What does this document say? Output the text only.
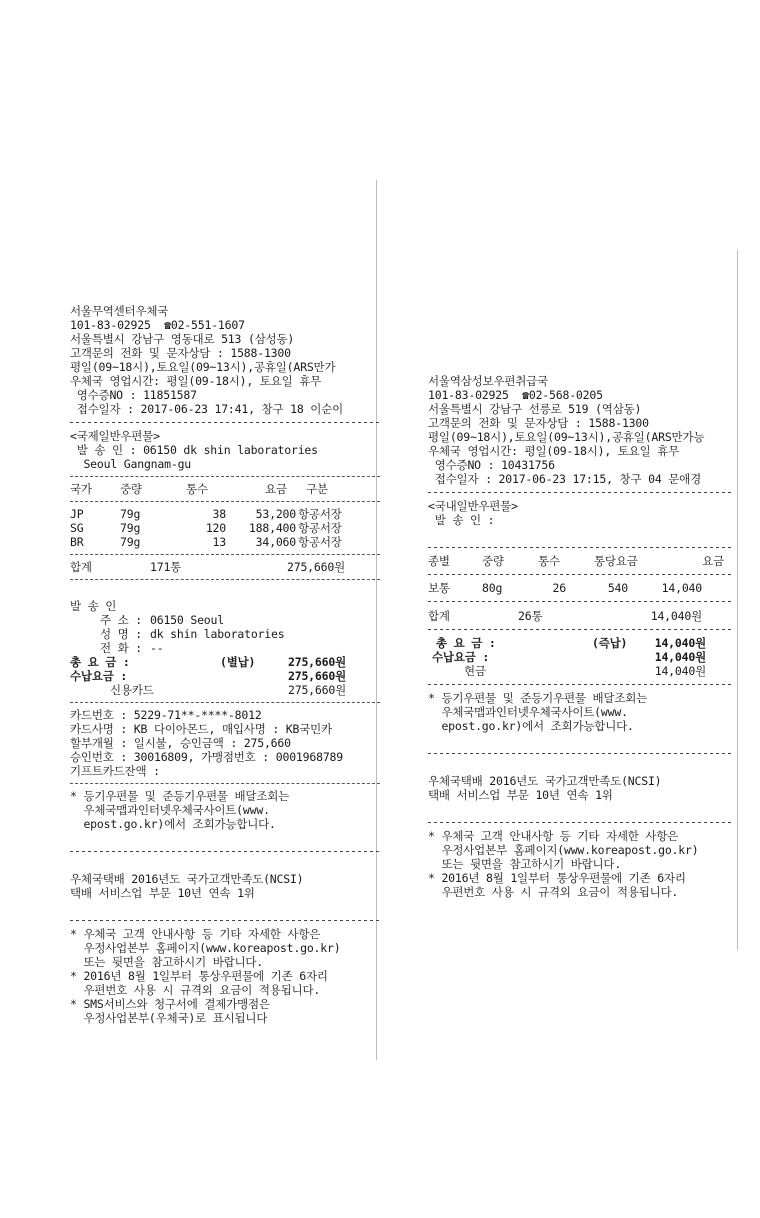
서울무역센터우체국
101-83-02925  ☎02-551-1607
서울특별시 강남구 영동대로 513 (삼성동)
고객문의 전화 및 문자상담 : 1588-1300
평일(09~18시),토요일(09~13시),공휴일(ARS만가
우체국 영업시간: 평일(09-18시), 토요일 휴무
영수증NO : 11851587
접수일자 : 2017-06-23 17:41, 창구 18 이순이
<국제일반우편물>
발 송 인 : 06150 dk shin laboratories
Seoul Gangnam-gu
국가	중량	통수	요금	구분
JP	79g	38	53,200 항공서장
SG	79g	120	188,400 항공서장
BR	79g	13	34,060 항공서장
합계	171통	275,660원
발 송 인
주 소 : 06150 Seoul
성 명 : dk shin laboratories
전 화 : --
총 요 금 :	(별납)	275,660원
수납요금 :	275,660원
신용카드	275,660원
카드번호 : 5229-71**-****-8012
카드사명 : KB 다이아몬드, 매입사명 : KB국민카
할부개월 : 일시불, 승인금액 : 275,660
승인번호 : 30016809, 가맹점번호 : 0001968789
기프트카드잔액 :
* 등기우편물 및 준등기우편물 배달조회는
우체국맵과인터넷우체국사이트(www.
epost.go.kr)에서 조회가능합니다.
우체국택배 2016년도 국가고객만족도(NCSI)
택배 서비스업 부문 10년 연속 1위
* 우체국 고객 안내사항 등 기타 자세한 사항은
우정사업본부 홈페이지(www.koreapost.go.kr)
또는 뒷면을 참고하시기 바랍니다.
* 2016년 8월 1일부터 통상우편물에 기존 6자리
우편번호 사용 시 규격외 요금이 적용됩니다.
* SMS서비스와 청구서에 결제가맹점은
우정사업본부(우체국)로 표시됩니다
서울역삼성보우편취급국
101-83-02925  ☎02-568-0205
서울특별시 강남구 선릉로 519 (역삼동)
고객문의 전화 및 문자상담 : 1588-1300
평일(09~18시),토요일(09~13시),공휴일(ARS만가능
우체국 영업시간: 평일(09-18시), 토요일 휴무
영수증NO : 10431756
접수일자 : 2017-06-23 17:15, 창구 04 문애경
<국내일반우편물>
발 송 인 :
종별	중량	통수	통당요금	요금
보통	80g	26	540	14,040
합계	26통	14,040원
총 요 금 :	(즉납)	14,040원
수납요금 :	14,040원
현금	14,040원
* 등기우편물 및 준등기우편물 배달조회는
우체국맵과인터넷우체국사이트(www.
epost.go.kr)에서 조회가능합니다.
우체국택배 2016년도 국가고객만족도(NCSI)
택배 서비스업 부문 10년 연속 1위
* 우체국 고객 안내사항 등 기타 자세한 사항은
우정사업본부 홈페이지(www.koreapost.go.kr)
또는 뒷면을 참고하시기 바랍니다.
* 2016년 8월 1일부터 통상우편물에 기존 6자리
우편번호 사용 시 규격외 요금이 적용됩니다.
